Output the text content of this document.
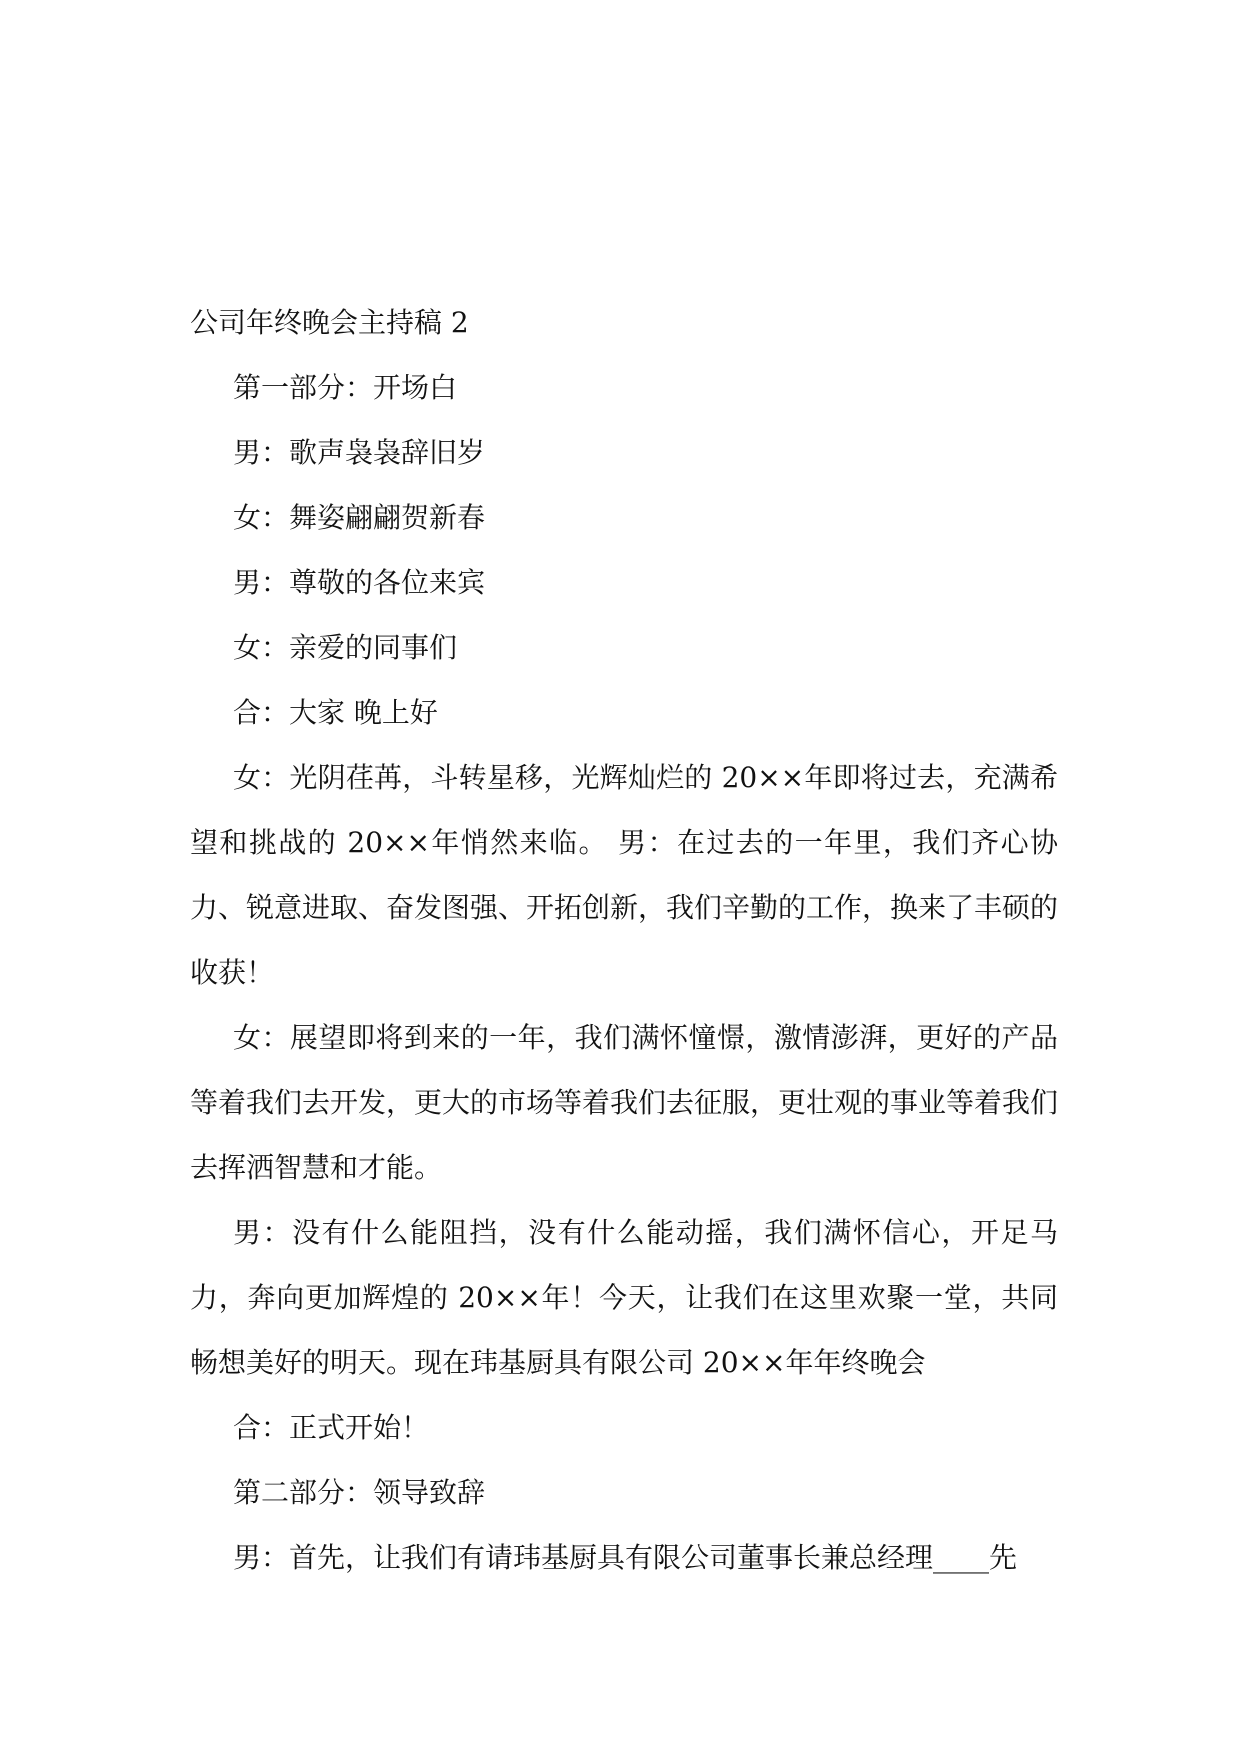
公司年终晚会主持稿 2

第一部分：开场白

男：歌声袅袅辞旧岁

女：舞姿翩翩贺新春

男：尊敬的各位来宾

女：亲爱的同事们

合：大家 晚上好

女：光阴荏苒，斗转星移，光辉灿烂的 20××年即将过去，充满希望和挑战的 20××年悄然来临。 男：在过去的一年里，我们齐心协力、锐意进取、奋发图强、开拓创新，我们辛勤的工作，换来了丰硕的收获！

女：展望即将到来的一年，我们满怀憧憬，激情澎湃，更好的产品等着我们去开发，更大的市场等着我们去征服，更壮观的事业等着我们去挥洒智慧和才能。

男：没有什么能阻挡，没有什么能动摇，我们满怀信心，开足马力，奔向更加辉煌的 20××年！今天，让我们在这里欢聚一堂，共同畅想美好的明天。现在玮基厨具有限公司 20××年年终晚会

合：正式开始！

第二部分：领导致辞

男：首先，让我们有请玮基厨具有限公司董事长兼总经理____先
